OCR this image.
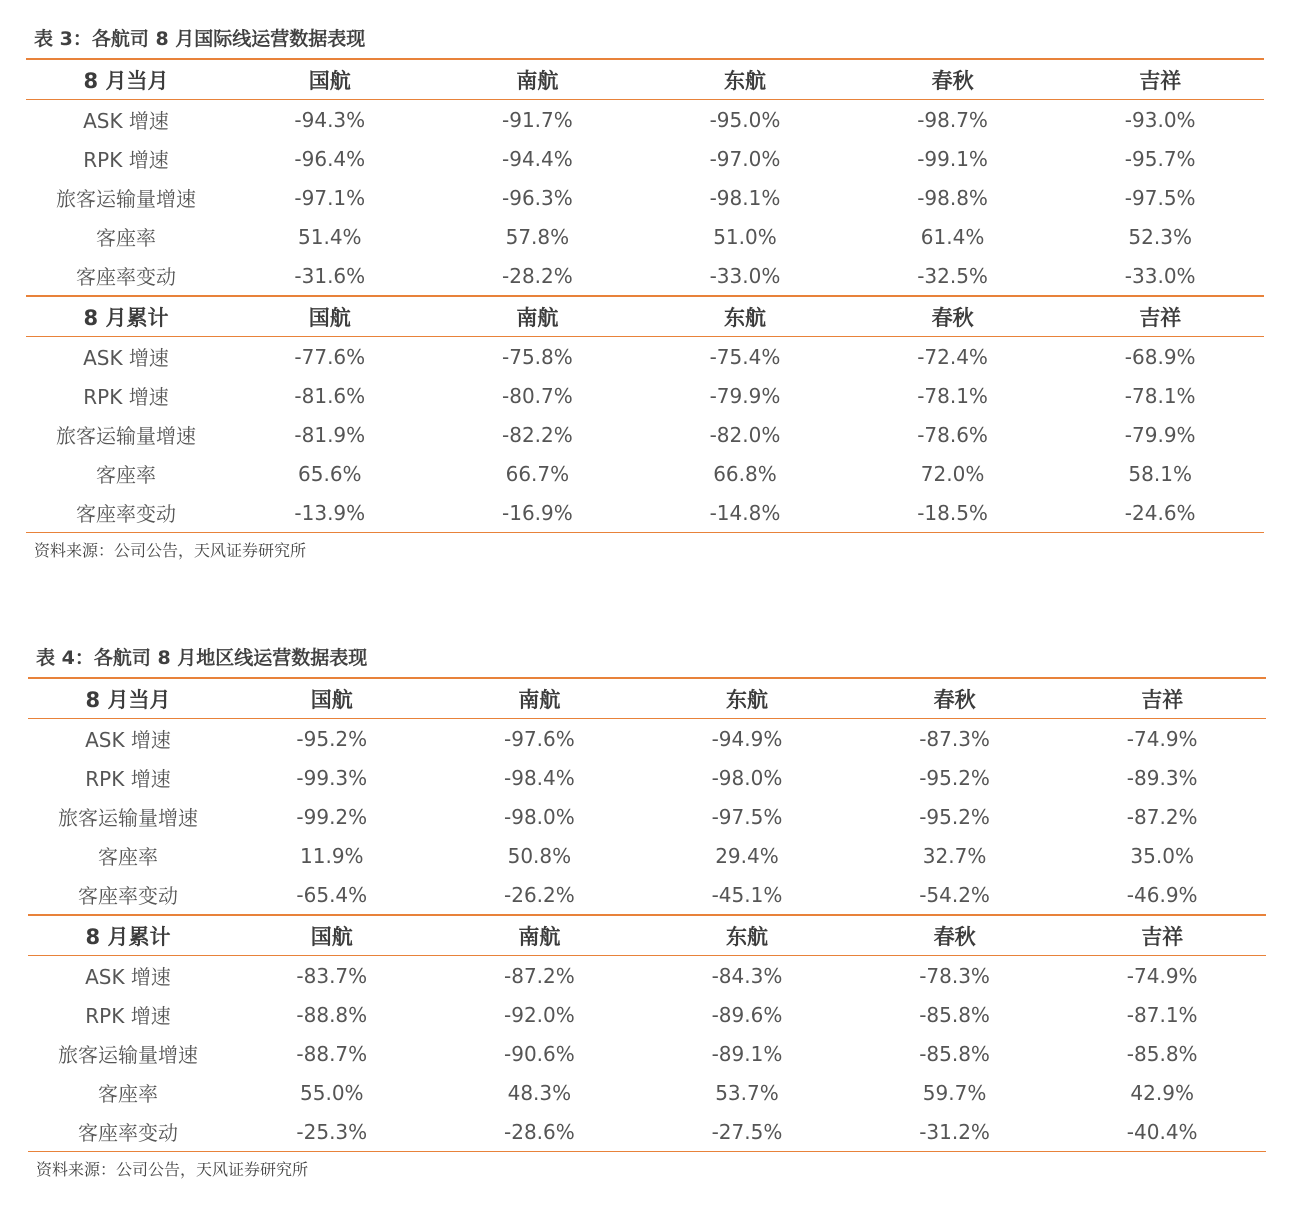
表 3：各航司 8 月国际线运营数据表现
8 月当月	国航	南航	东航	春秋	吉祥
ASK 增速	-94.3%	-91.7%	-95.0%	-98.7%	-93.0%
RPK 增速	-96.4%	-94.4%	-97.0%	-99.1%	-95.7%
旅客运输量增速	-97.1%	-96.3%	-98.1%	-98.8%	-97.5%
客座率	51.4%	57.8%	51.0%	61.4%	52.3%
客座率变动	-31.6%	-28.2%	-33.0%	-32.5%	-33.0%
8 月累计	国航	南航	东航	春秋	吉祥
ASK 增速	-77.6%	-75.8%	-75.4%	-72.4%	-68.9%
RPK 增速	-81.6%	-80.7%	-79.9%	-78.1%	-78.1%
旅客运输量增速	-81.9%	-82.2%	-82.0%	-78.6%	-79.9%
客座率	65.6%	66.7%	66.8%	72.0%	58.1%
客座率变动	-13.9%	-16.9%	-14.8%	-18.5%	-24.6%
资料来源：公司公告，天风证券研究所
表 4：各航司 8 月地区线运营数据表现
8 月当月	国航	南航	东航	春秋	吉祥
ASK 增速	-95.2%	-97.6%	-94.9%	-87.3%	-74.9%
RPK 增速	-99.3%	-98.4%	-98.0%	-95.2%	-89.3%
旅客运输量增速	-99.2%	-98.0%	-97.5%	-95.2%	-87.2%
客座率	11.9%	50.8%	29.4%	32.7%	35.0%
客座率变动	-65.4%	-26.2%	-45.1%	-54.2%	-46.9%
8 月累计	国航	南航	东航	春秋	吉祥
ASK 增速	-83.7%	-87.2%	-84.3%	-78.3%	-74.9%
RPK 增速	-88.8%	-92.0%	-89.6%	-85.8%	-87.1%
旅客运输量增速	-88.7%	-90.6%	-89.1%	-85.8%	-85.8%
客座率	55.0%	48.3%	53.7%	59.7%	42.9%
客座率变动	-25.3%	-28.6%	-27.5%	-31.2%	-40.4%
资料来源：公司公告，天风证券研究所
